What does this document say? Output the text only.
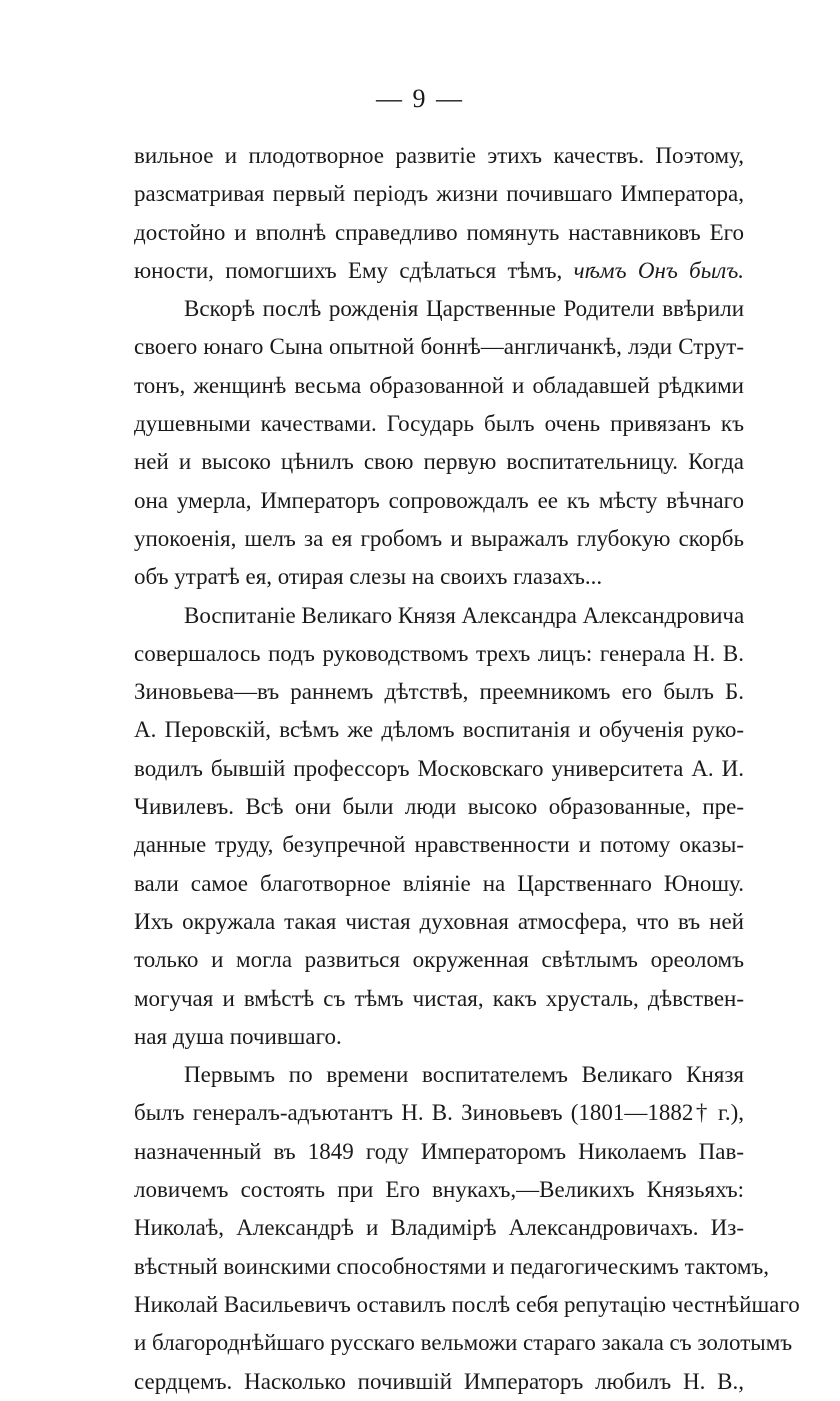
— 9 —
вильное и плодотворное развитіе этихъ качествъ. Поэтому,
разсматривая первый періодъ жизни почившаго Императора,
достойно и вполнѣ справедливо помянуть наставниковъ Его
юности, помогшихъ Ему сдѣлаться тѣмъ, чѣмъ Онъ былъ.
Вскорѣ послѣ рожденія Царственные Родители ввѣрили
своего юнаго Сына опытной боннѣ—англичанкѣ, лэди Струт-
тонъ, женщинѣ весьма образованной и обладавшей рѣдкими
душевными качествами. Государь былъ очень привязанъ къ
ней и высоко цѣнилъ свою первую воспитательницу. Когда
она умерла, Императоръ сопровождалъ ее къ мѣсту вѣчнаго
упокоенія, шелъ за ея гробомъ и выражалъ глубокую скорбь
объ утратѣ ея, отирая слезы на своихъ глазахъ...
Воспитаніе Великаго Князя Александра Александровича
совершалось подъ руководствомъ трехъ лицъ: генерала Н. В.
Зиновьева—въ раннемъ дѣтствѣ, преемникомъ его былъ Б.
А. Перовскій, всѣмъ же дѣломъ воспитанія и обученія руко-
водилъ бывшій профессоръ Московскаго университета А. И.
Чивилевъ. Всѣ они были люди высоко образованные, пре-
данные труду, безупречной нравственности и потому оказы-
вали самое благотворное вліяніе на Царственнаго Юношу.
Ихъ окружала такая чистая духовная атмосфера, что въ ней
только и могла развиться окруженная свѣтлымъ ореоломъ
могучая и вмѣстѣ съ тѣмъ чистая, какъ хрусталь, дѣвствен-
ная душа почившаго.
Первымъ по времени воспитателемъ Великаго Князя
былъ генералъ-адъютантъ Н. В. Зиновьевъ (1801—1882† г.),
назначенный въ 1849 году Императоромъ Николаемъ Пав-
ловичемъ состоять при Его внукахъ,—Великихъ Князьяхъ:
Николаѣ, Александрѣ и Владимірѣ Александровичахъ. Из-
вѣстный воинскими способностями и педагогическимъ тактомъ,
Николай Васильевичъ оставилъ послѣ себя репутацію честнѣйшаго
и благороднѣйшаго русскаго вельможи стараго закала съ золотымъ
сердцемъ. Насколько почившій Императоръ любилъ Н. В.,
